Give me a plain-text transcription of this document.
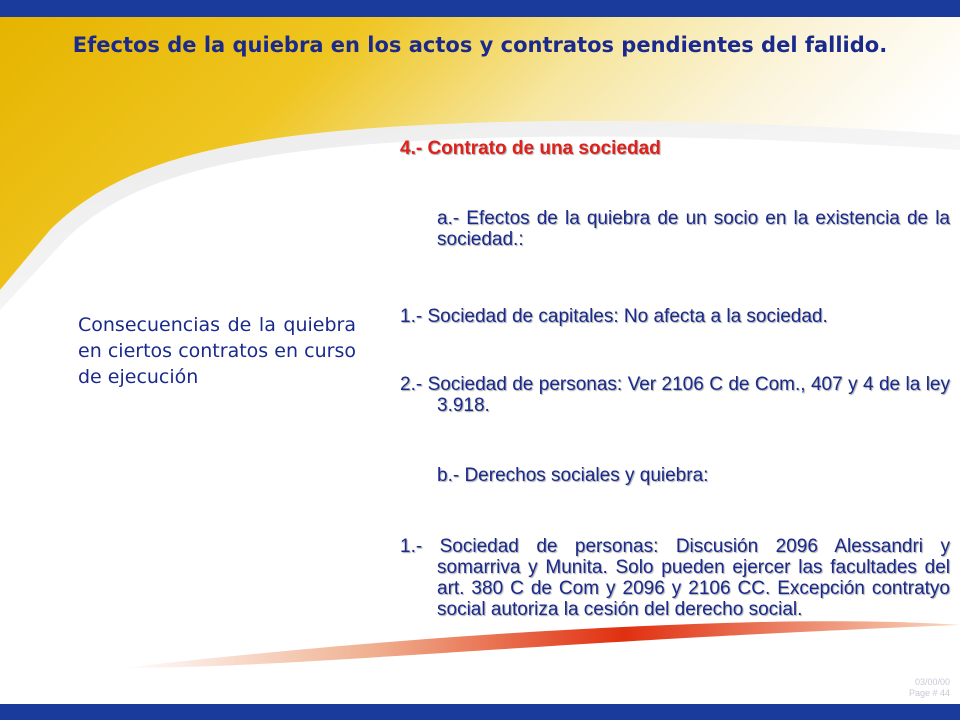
Efectos de la quiebra en los actos y contratos pendientes del fallido.
Consecuencias de la quiebra en ciertos contratos en curso de ejecución
4.- Contrato de una sociedad

a.- Efectos de la quiebra de un socio en la existencia de la sociedad.:

1.- Sociedad de capitales: No afecta a la sociedad.

2.- Sociedad de personas: Ver 2106 C de Com., 407 y 4 de la ley 3.918.

b.- Derechos sociales y quiebra:

1.- Sociedad de personas: Discusión 2096 Alessandri y somarriva y Munita. Solo pueden ejercer las facultades del art. 380 C de Com y 2096 y 2106 CC. Excepción contratyo social autoriza la cesión del derecho social.

03/00/00
Page # 44
